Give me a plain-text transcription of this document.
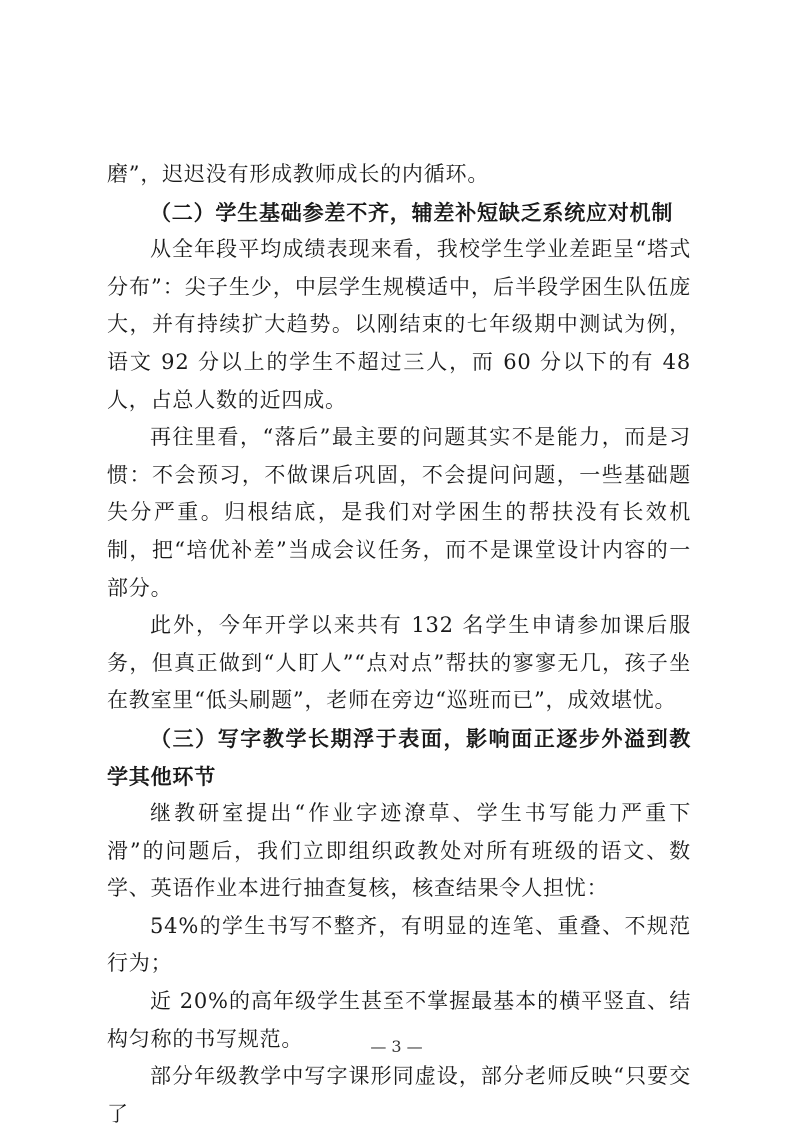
磨”，迟迟没有形成教师成长的内循环。

（二）学生基础参差不齐，辅差补短缺乏系统应对机制

从全年段平均成绩表现来看，我校学生学业差距呈“塔式分布”：尖子生少，中层学生规模适中，后半段学困生队伍庞大，并有持续扩大趋势。以刚结束的七年级期中测试为例，语文 92 分以上的学生不超过三人，而 60 分以下的有 48 人，占总人数的近四成。

再往里看，“落后”最主要的问题其实不是能力，而是习惯：不会预习，不做课后巩固，不会提问问题，一些基础题失分严重。归根结底，是我们对学困生的帮扶没有长效机制，把“培优补差”当成会议任务，而不是课堂设计内容的一部分。

此外，今年开学以来共有 132 名学生申请参加课后服务，但真正做到“人盯人”“点对点”帮扶的寥寥无几，孩子坐在教室里“低头刷题”，老师在旁边“巡班而已”，成效堪忧。

（三）写字教学长期浮于表面，影响面正逐步外溢到教学其他环节

继教研室提出“作业字迹潦草、学生书写能力严重下滑”的问题后，我们立即组织政教处对所有班级的语文、数学、英语作业本进行抽查复核，核查结果令人担忧：

54%的学生书写不整齐，有明显的连笔、重叠、不规范行为；

近 20%的高年级学生甚至不掌握最基本的横平竖直、结构匀称的书写规范。

部分年级教学中写字课形同虚设，部分老师反映“只要交了

— 3 —
